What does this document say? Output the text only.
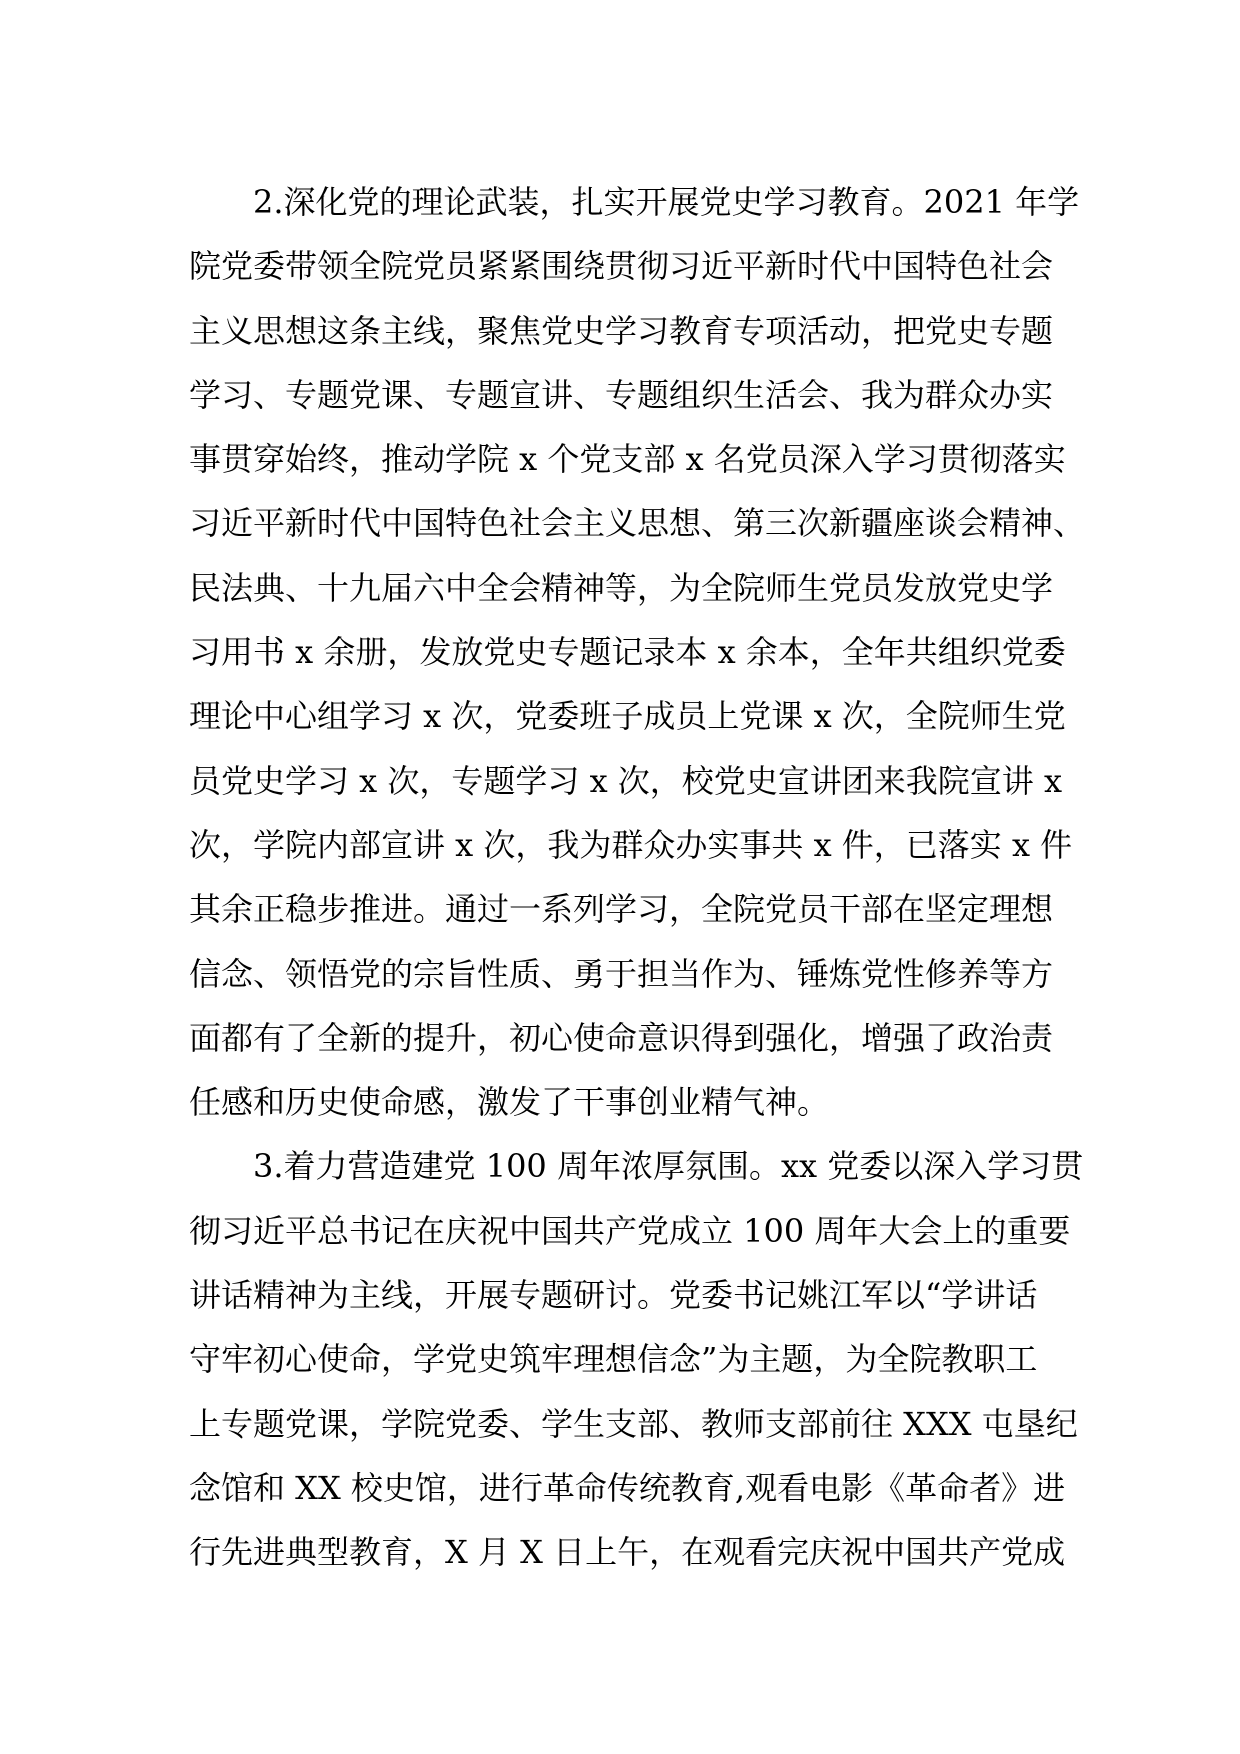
2.深化党的理论武装，扎实开展党史学习教育。2021 年学
院党委带领全院党员紧紧围绕贯彻习近平新时代中国特色社会
主义思想这条主线，聚焦党史学习教育专项活动，把党史专题
学习、专题党课、专题宣讲、专题组织生活会、我为群众办实
事贯穿始终，推动学院 x 个党支部 x 名党员深入学习贯彻落实
习近平新时代中国特色社会主义思想、第三次新疆座谈会精神、
民法典、十九届六中全会精神等，为全院师生党员发放党史学
习用书 x 余册，发放党史专题记录本 x 余本，全年共组织党委
理论中心组学习 x 次，党委班子成员上党课 x 次，全院师生党
员党史学习 x 次，专题学习 x 次，校党史宣讲团来我院宣讲 x
次，学院内部宣讲 x 次，我为群众办实事共 x 件，已落实 x 件
其余正稳步推进。通过一系列学习，全院党员干部在坚定理想
信念、领悟党的宗旨性质、勇于担当作为、锤炼党性修养等方
面都有了全新的提升，初心使命意识得到强化，增强了政治责
任感和历史使命感，激发了干事创业精气神。
3.着力营造建党 100 周年浓厚氛围。xx 党委以深入学习贯
彻习近平总书记在庆祝中国共产党成立 100 周年大会上的重要
讲话精神为主线，开展专题研讨。党委书记姚江军以“学讲话
守牢初心使命，学党史筑牢理想信念”为主题，为全院教职工
上专题党课，学院党委、学生支部、教师支部前往 XXX 屯垦纪
念馆和 XX 校史馆，进行革命传统教育,观看电影《革命者》进
行先进典型教育，X 月 X 日上午，在观看完庆祝中国共产党成
